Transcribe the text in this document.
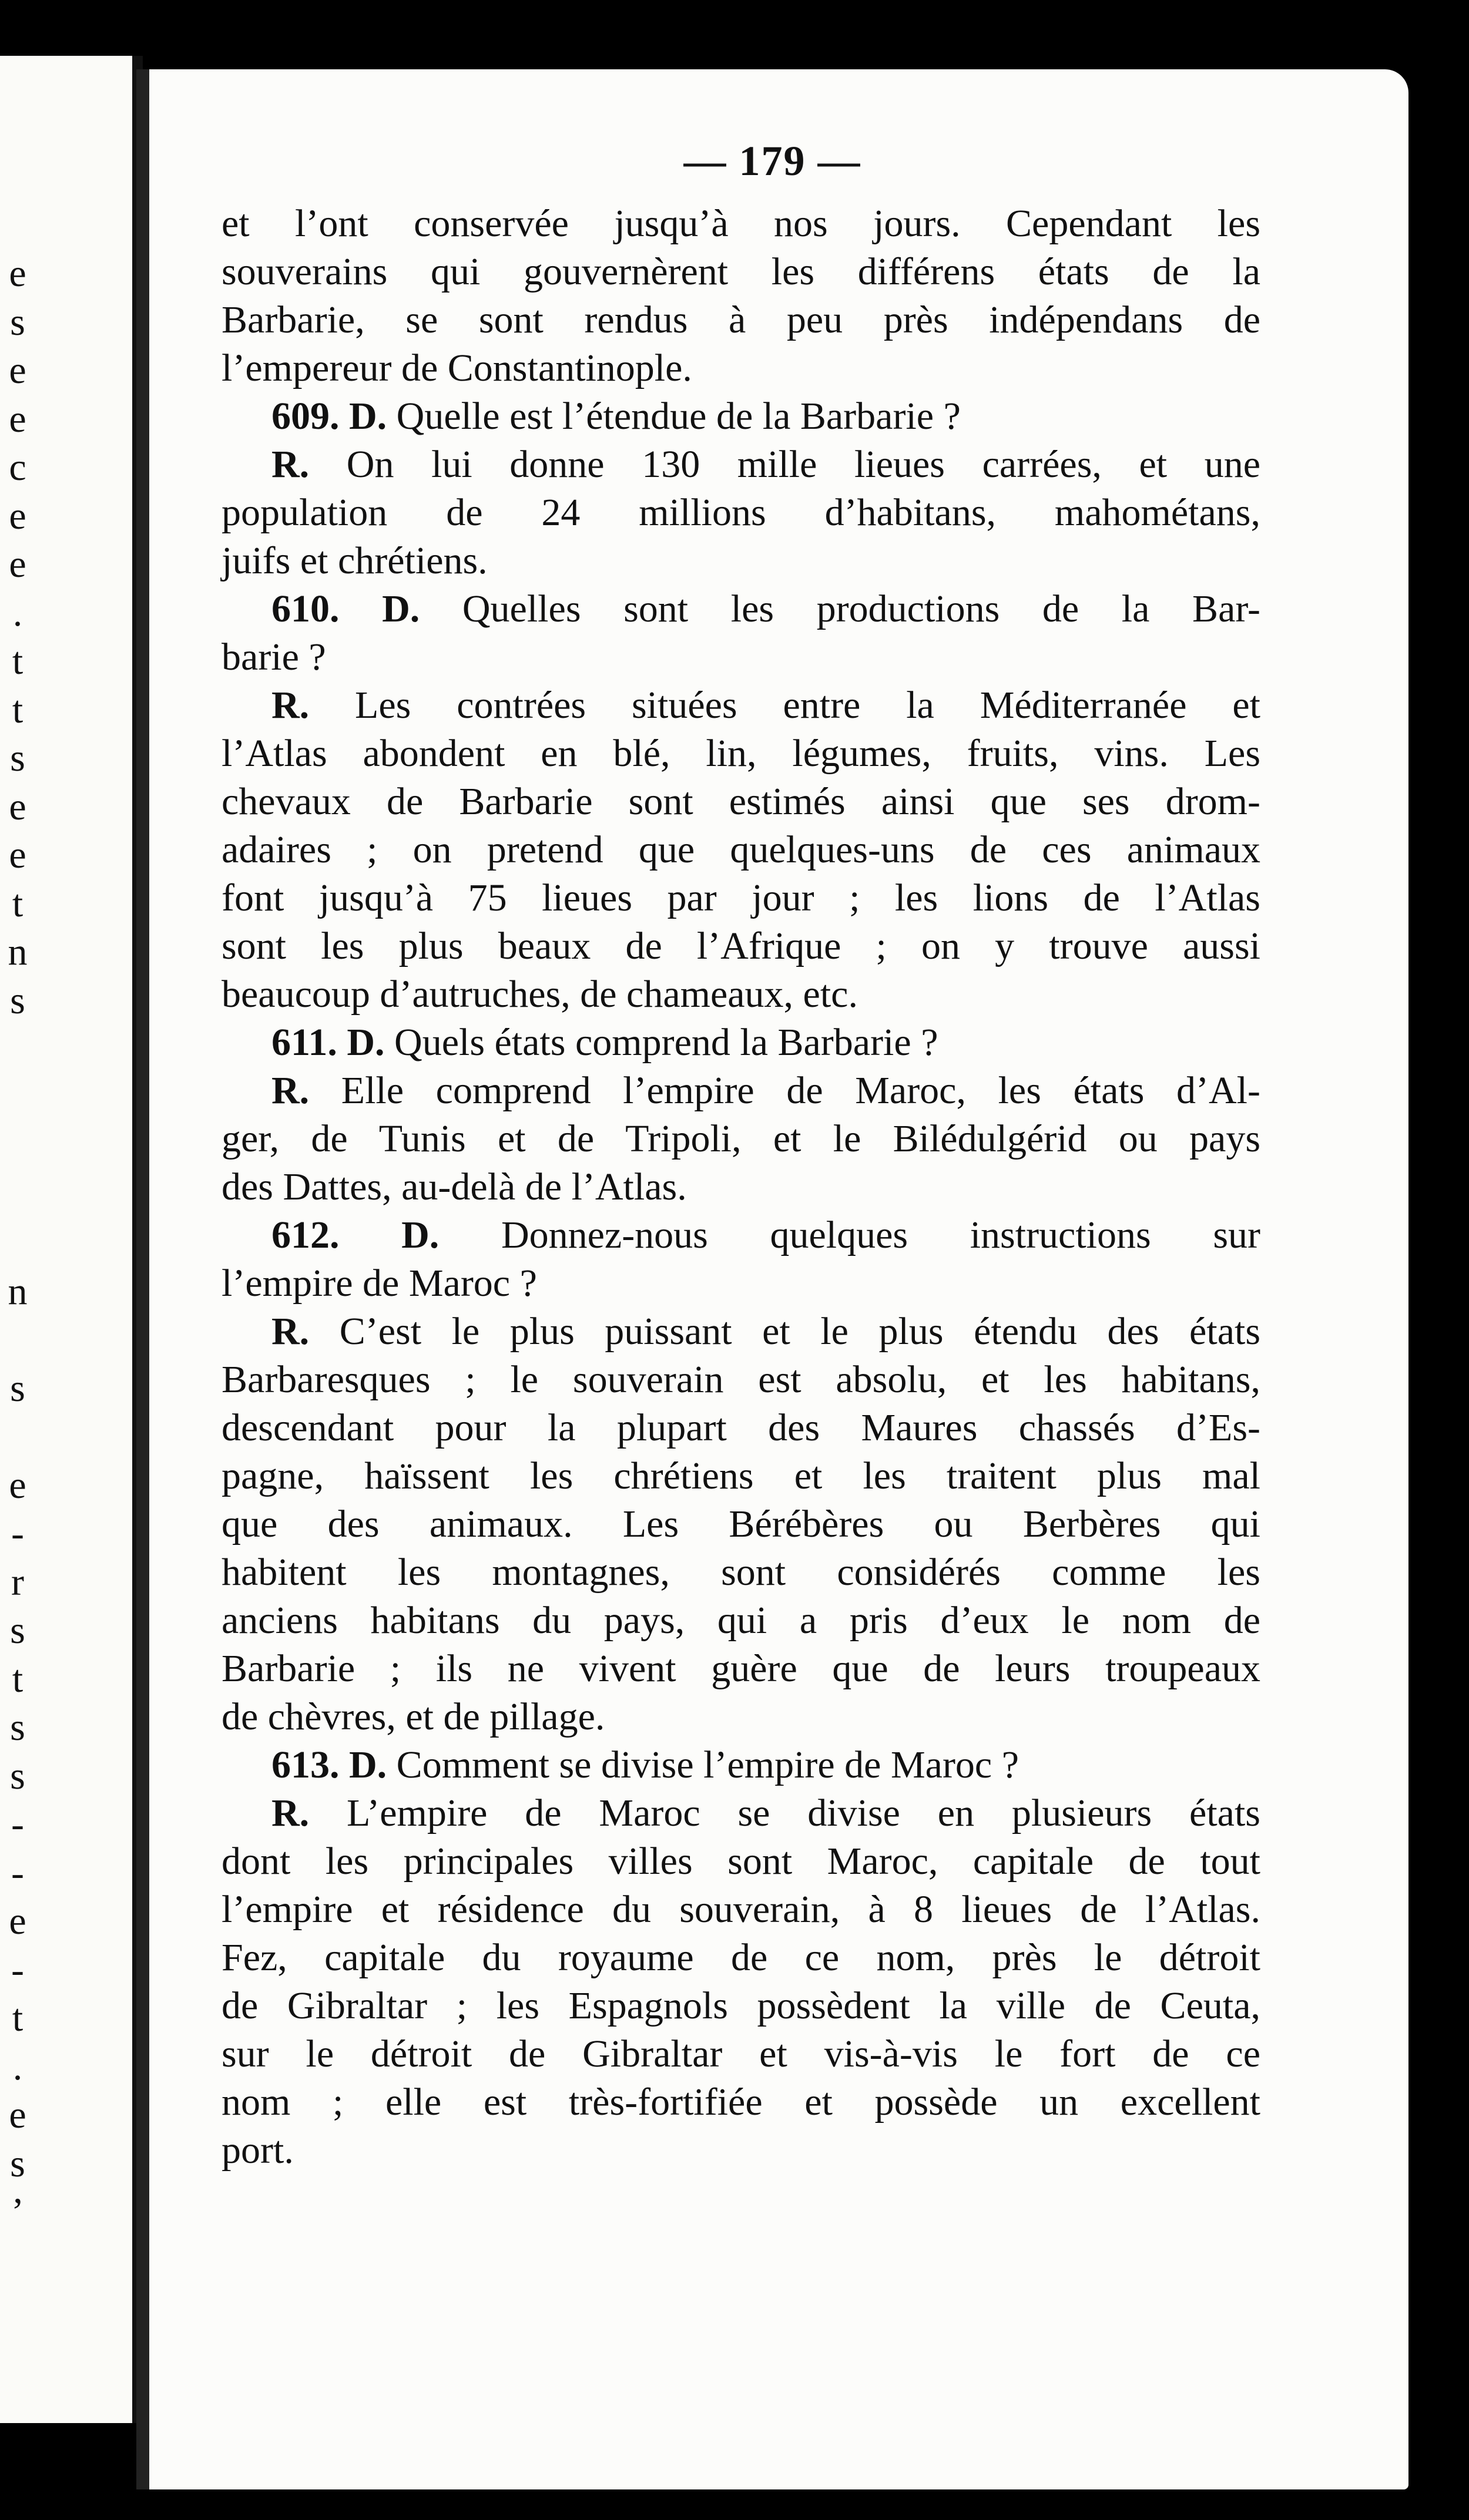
e
s
e
e
c
e
e
.
t
t
s
e
e
t
n
s
n
s
e
-
r
s
t
s
s
-
-
e
-
t
.
e
s
’
— 179 —

et l’ont conservée jusqu’à nos jours. Cependant les

souverains qui gouvernèrent les différens états de la

Barbarie, se sont rendus à peu près indépendans de

l’empereur de Constantinople.

609. D. Quelle est l’étendue de la Barbarie ?

R. On lui donne 130 mille lieues carrées, et une

population de 24 millions d’habitans, mahométans,

juifs et chrétiens.

610. D. Quelles sont les productions de la Bar-

barie ?

R. Les contrées situées entre la Méditerranée et

l’Atlas abondent en blé, lin, légumes, fruits, vins. Les

chevaux de Barbarie sont estimés ainsi que ses drom-

adaires ; on pretend que quelques-uns de ces animaux

font jusqu’à 75 lieues par jour ; les lions de l’Atlas

sont les plus beaux de l’Afrique ; on y trouve aussi

beaucoup d’autruches, de chameaux, etc.

611. D. Quels états comprend la Barbarie ?

R. Elle comprend l’empire de Maroc, les états d’Al-

ger, de Tunis et de Tripoli, et le Bilédulgérid ou pays

des Dattes, au-delà de l’Atlas.

612. D. Donnez-nous quelques instructions sur

l’empire de Maroc ?

R. C’est le plus puissant et le plus étendu des états

Barbaresques ; le souverain est absolu, et les habitans,

descendant pour la plupart des Maures chassés d’Es-

pagne, haïssent les chrétiens et les traitent plus mal

que des animaux. Les Bérébères ou Berbères qui

habitent les montagnes, sont considérés comme les

anciens habitans du pays, qui a pris d’eux le nom de

Barbarie ; ils ne vivent guère que de leurs troupeaux

de chèvres, et de pillage.

613. D. Comment se divise l’empire de Maroc ?

R. L’empire de Maroc se divise en plusieurs états

dont les principales villes sont Maroc, capitale de tout

l’empire et résidence du souverain, à 8 lieues de l’Atlas.

Fez, capitale du royaume de ce nom, près le détroit

de Gibraltar ; les Espagnols possèdent la ville de Ceuta,

sur le détroit de Gibraltar et vis-à-vis le fort de ce

nom ; elle est très-fortifiée et possède un excellent

port.
